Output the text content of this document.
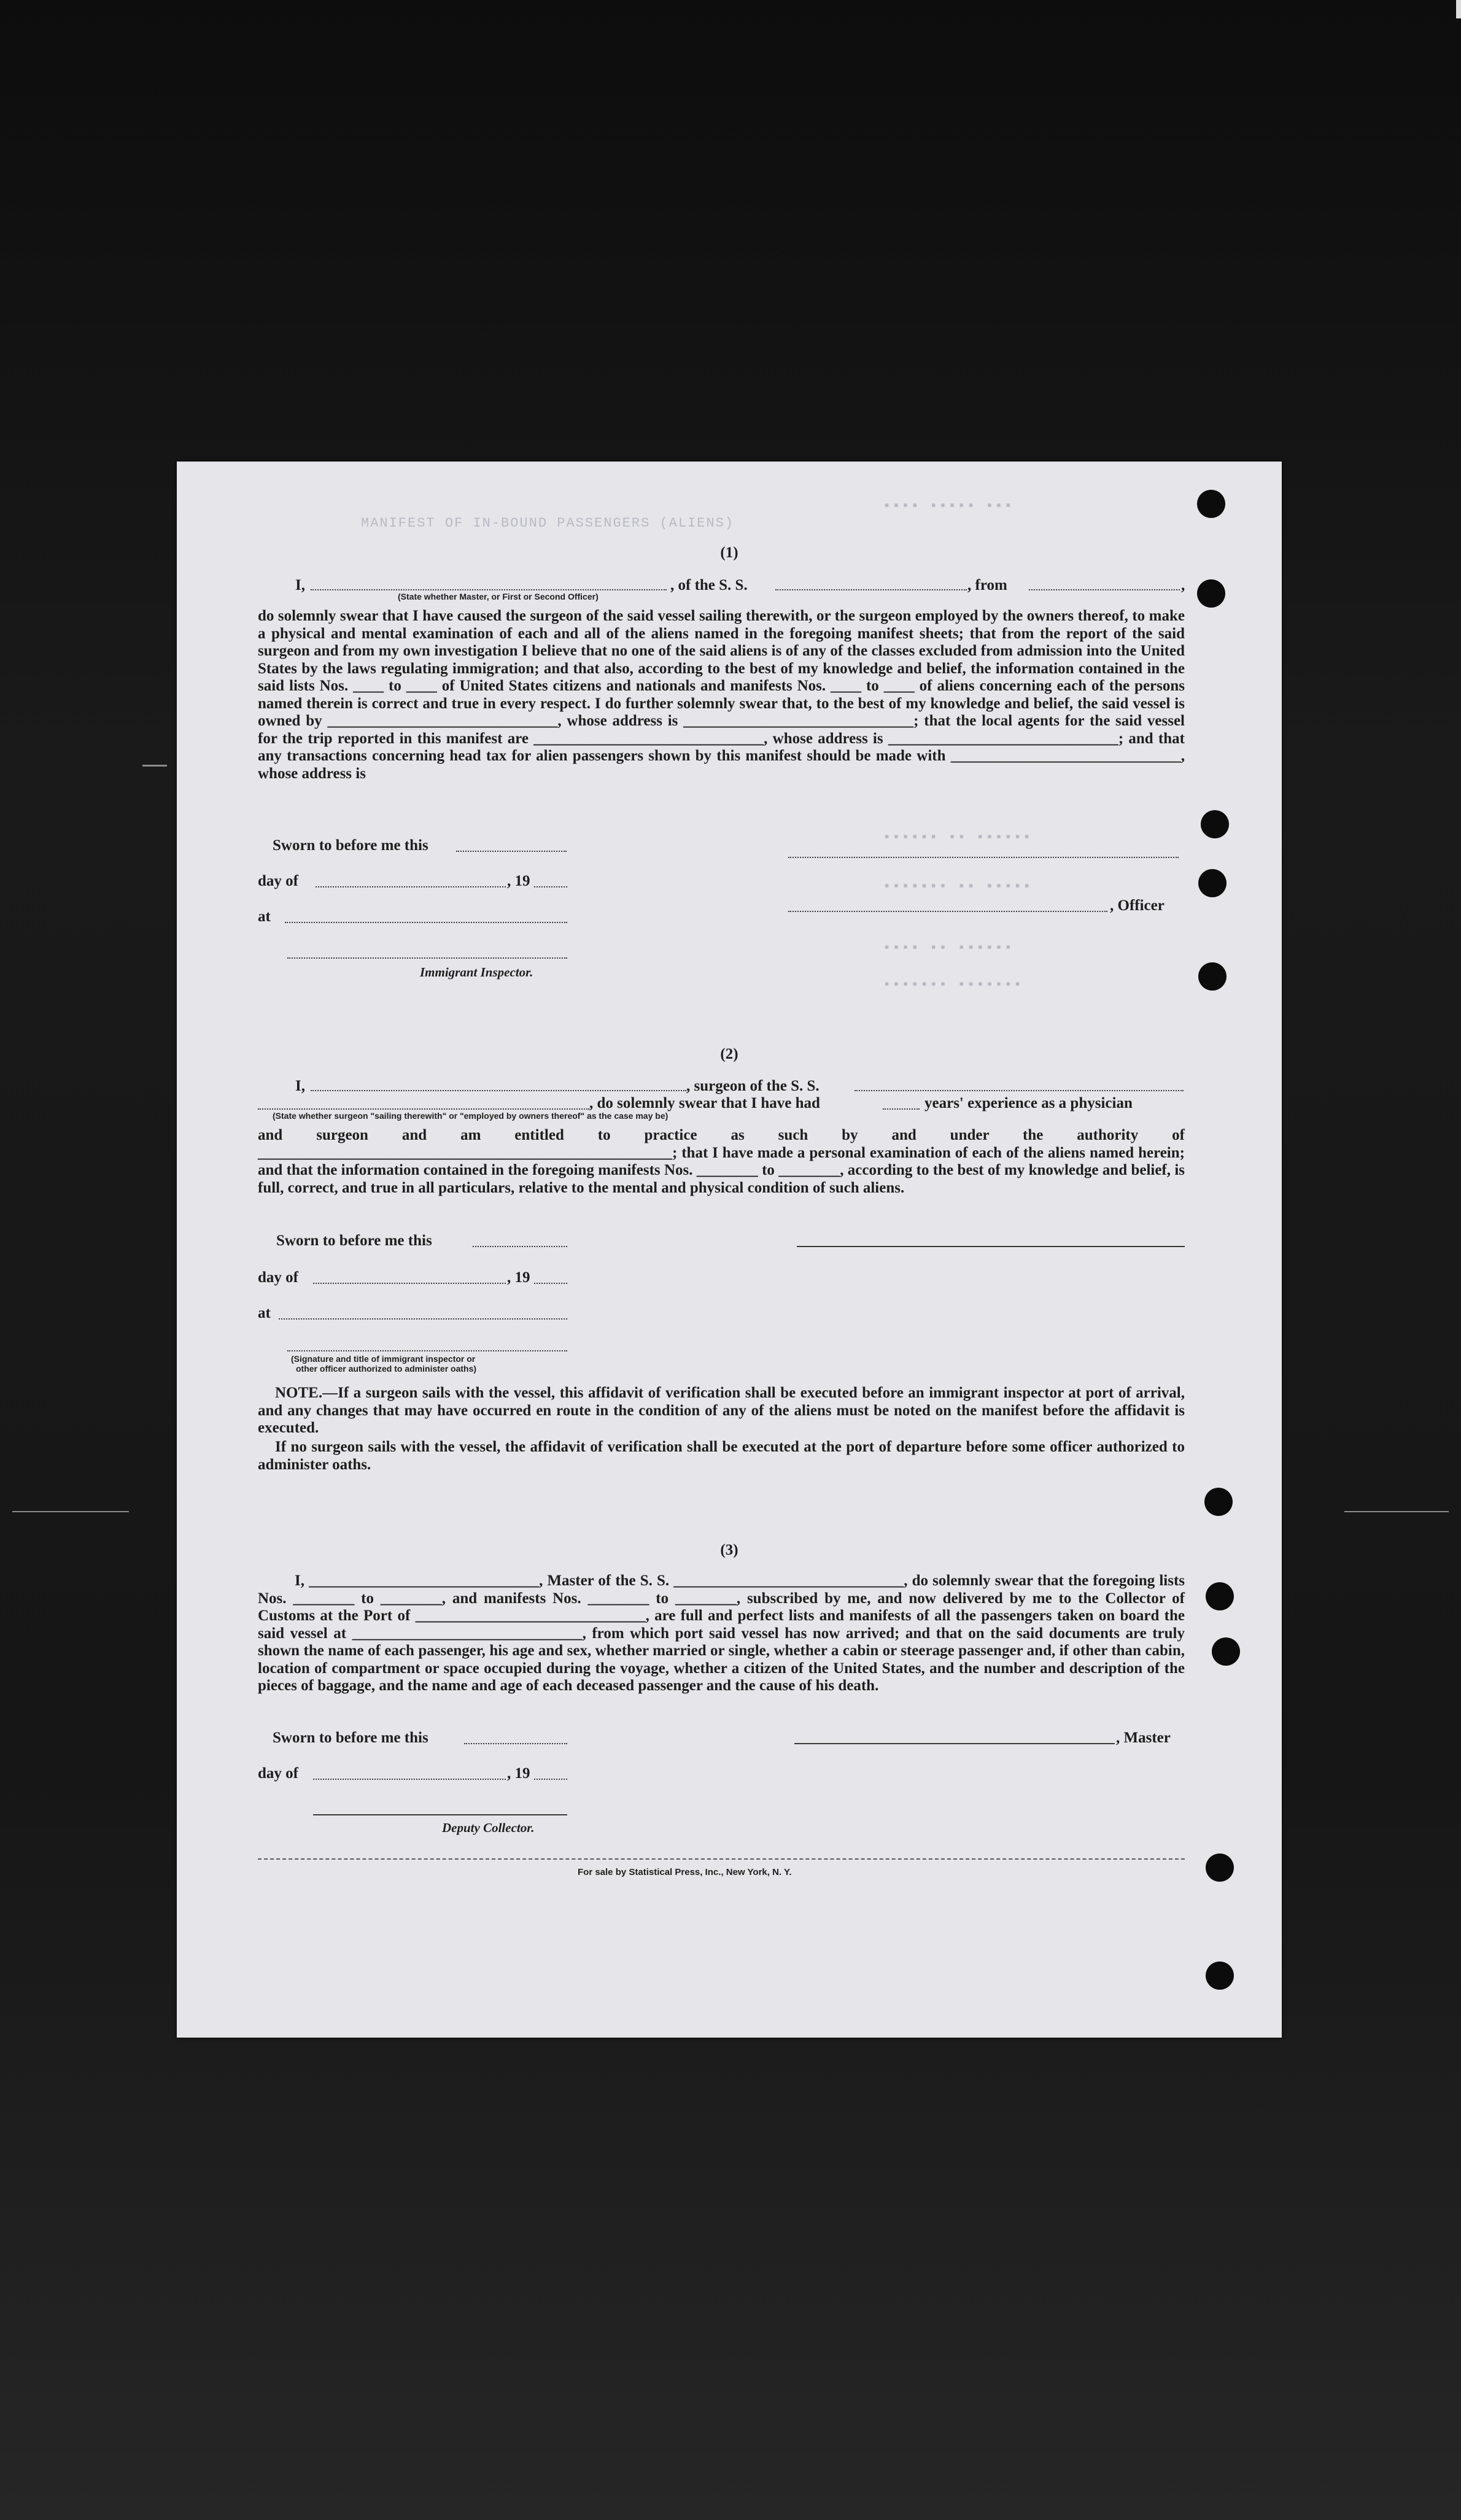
MANIFEST OF IN-BOUND PASSENGERS (ALIENS)
▪▪▪▪ ▪▪▪▪▪ ▪▪▪
▪▪▪▪▪▪ ▪▪ ▪▪▪▪▪▪
▪▪▪▪▪▪▪ ▪▪ ▪▪▪▪▪
▪▪▪▪ ▪▪ ▪▪▪▪▪▪
▪▪▪▪▪▪▪ ▪▪▪▪▪▪▪
(1)
I,	, of the S. S.	, from	,
(State whether Master, or First or Second Officer)
do solemnly swear that I have caused the surgeon of the said vessel sailing therewith, or the surgeon employed by the owners thereof, to make a physical and mental examination of each and all of the aliens named in the foregoing manifest sheets; that from the report of the said surgeon and from my own investigation I believe that no one of the said aliens is of any of the classes excluded from admission into the United States by the laws regulating immigration; and that also, according to the best of my knowledge and belief, the information contained in the said lists Nos. ____ to ____ of United States citizens and nationals and manifests Nos. ____ to ____ of aliens concerning each of the persons named therein is correct and true in every respect. I do further solemnly swear that, to the best of my knowledge and belief, the said vessel is owned by ______________________________, whose address is ______________________________; that the local agents for the said vessel for the trip reported in this manifest are ______________________________, whose address is ______________________________; and that any transactions concerning head tax for alien passengers shown by this manifest should be made with ______________________________, whose address is
Sworn to before me this
day of	, 19
at
Immigrant Inspector.
, Officer
(2)
I,	, surgeon of the S. S.
, do solemnly swear that I have had	years' experience as a physician
(State whether surgeon "sailing therewith" or "employed by owners thereof" as the case may be)
and surgeon and am entitled to practice as such by and under the authority of ______________________________________________________; that I have made a personal examination of each of the aliens named herein; and that the information contained in the foregoing manifests Nos. ________ to ________, according to the best of my knowledge and belief, is full, correct, and true in all particulars, relative to the mental and physical condition of such aliens.
Sworn to before me this
day of	, 19
at
(Signature and title of immigrant inspector or
other officer authorized to administer oaths)
NOTE.—If a surgeon sails with the vessel, this affidavit of verification shall be executed before an immigrant inspector at port of arrival, and any changes that may have occurred en route in the condition of any of the aliens must be noted on the manifest before the affidavit is executed.
If no surgeon sails with the vessel, the affidavit of verification shall be executed at the port of departure before some officer authorized to administer oaths.
(3)
I, ______________________________, Master of the S. S. ______________________________, do solemnly swear that the foregoing lists Nos. ________ to ________, and manifests Nos. ________ to ________, subscribed by me, and now delivered by me to the Collector of Customs at the Port of ______________________________, are full and perfect lists and manifests of all the passengers taken on board the said vessel at ______________________________, from which port said vessel has now arrived; and that on the said documents are truly shown the name of each passenger, his age and sex, whether married or single, whether a cabin or steerage passenger and, if other than cabin, location of compartment or space occupied during the voyage, whether a citizen of the United States, and the number and description of the pieces of baggage, and the name and age of each deceased passenger and the cause of his death.
Sworn to before me this	, Master
day of	, 19
Deputy Collector.
For sale by Statistical Press, Inc., New York, N. Y.
